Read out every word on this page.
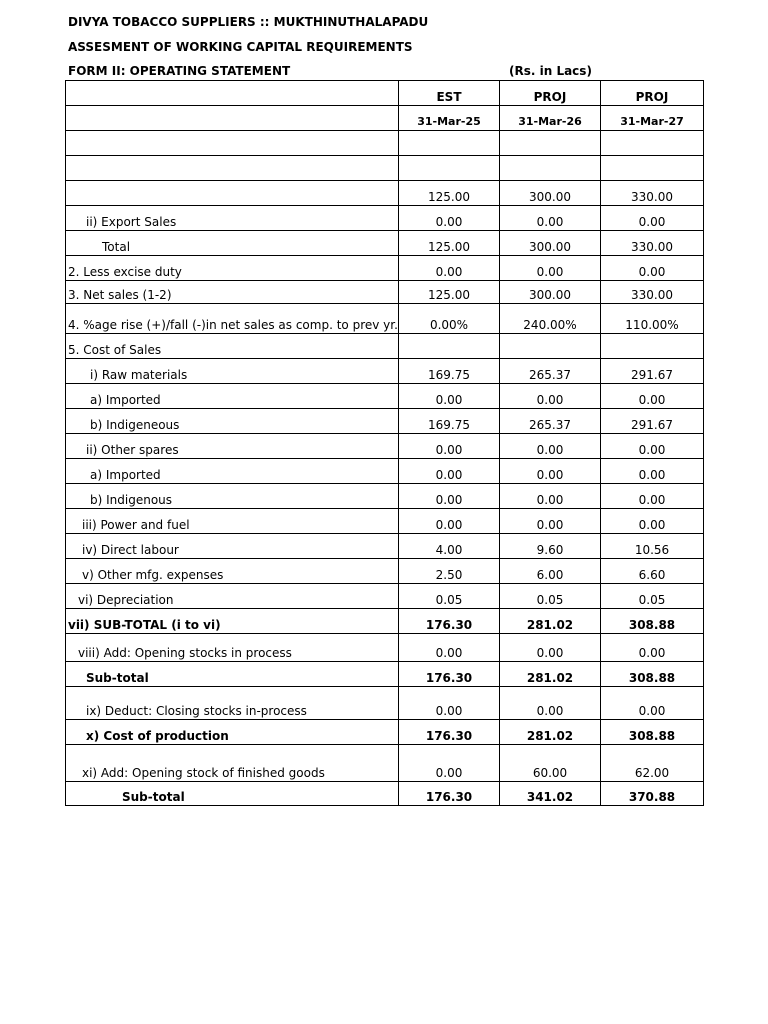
DIVYA TOBACCO SUPPLIERS :: MUKTHINUTHALAPADU
ASSESMENT OF WORKING CAPITAL REQUIREMENTS
FORM II: OPERATING STATEMENT	(Rs. in Lacs)
	EST	PROJ	PROJ
	31-Mar-25	31-Mar-26	31-Mar-27

	125.00	300.00	330.00
ii) Export Sales	0.00	0.00	0.00
Total	125.00	300.00	330.00
2. Less excise duty	0.00	0.00	0.00
3. Net sales (1-2)	125.00	300.00	330.00
4. %age rise (+)/fall (-)in net sales as comp. to prev yr.	0.00%	240.00%	110.00%
5. Cost of Sales			
i) Raw materials	169.75	265.37	291.67
a) Imported	0.00	0.00	0.00
b) Indigeneous	169.75	265.37	291.67
ii) Other spares	0.00	0.00	0.00
a) Imported	0.00	0.00	0.00
b) Indigenous	0.00	0.00	0.00
iii) Power and fuel	0.00	0.00	0.00
iv) Direct labour	4.00	9.60	10.56
v) Other mfg. expenses	2.50	6.00	6.60
vi) Depreciation	0.05	0.05	0.05
vii) SUB-TOTAL (i to vi)	176.30	281.02	308.88
viii) Add: Opening stocks in process	0.00	0.00	0.00
Sub-total	176.30	281.02	308.88
ix) Deduct: Closing stocks in-process	0.00	0.00	0.00
x) Cost of production	176.30	281.02	308.88
xi) Add: Opening stock of finished goods	0.00	60.00	62.00
Sub-total	176.30	341.02	370.88
